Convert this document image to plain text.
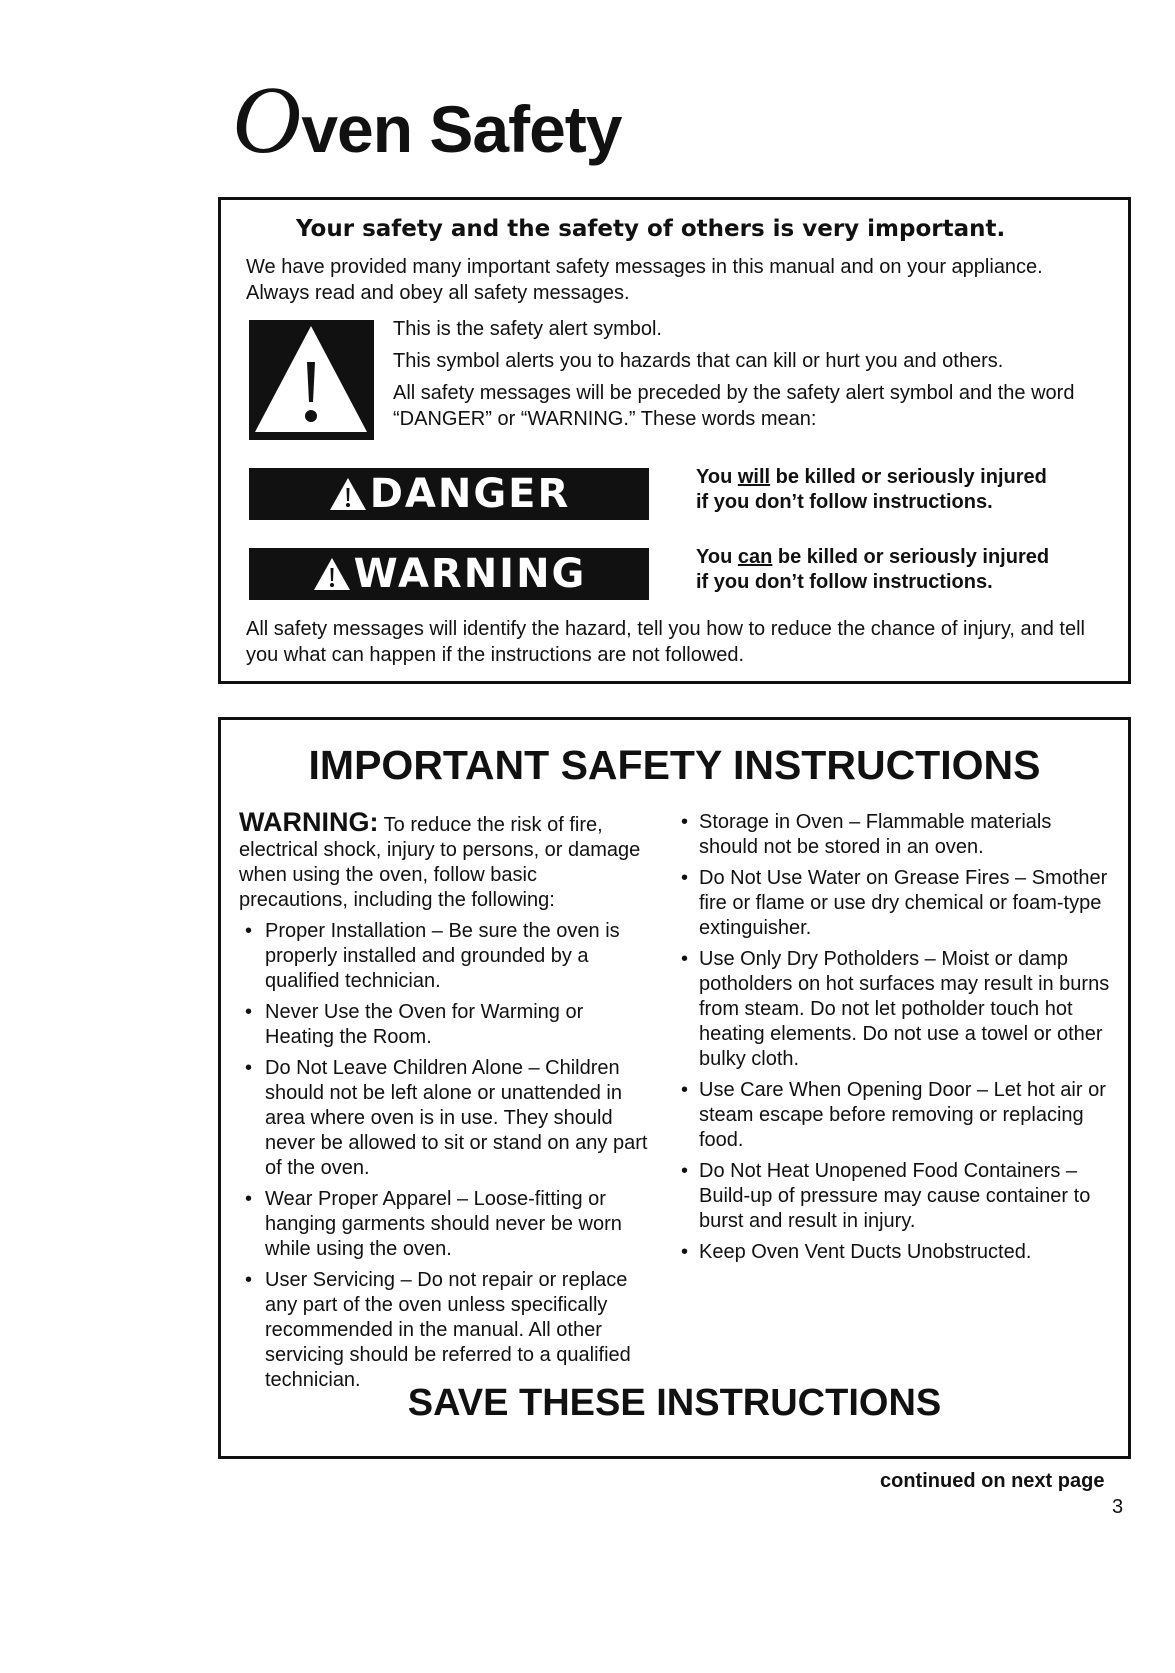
Oven Safety

Your safety and the safety of others is very important.

We have provided many important safety messages in this manual and on your appliance. Always read and obey all safety messages.

This is the safety alert symbol.

This symbol alerts you to hazards that can kill or hurt you and others.

All safety messages will be preceded by the safety alert symbol and the word “DANGER” or “WARNING.” These words mean:

DANGER	You will be killed or seriously injured
if you don’t follow instructions.
WARNING	You can be killed or seriously injured
if you don’t follow instructions.

All safety messages will identify the hazard, tell you how to reduce the chance of injury, and tell you what can happen if the instructions are not followed.

IMPORTANT SAFETY INSTRUCTIONS

WARNING: To reduce the risk of fire, electrical shock, injury to persons, or damage when using the oven, follow basic precautions, including the following:

• Proper Installation – Be sure the oven is properly installed and grounded by a qualified technician.

• Never Use the Oven for Warming or Heating the Room.

• Do Not Leave Children Alone – Children should not be left alone or unattended in area where oven is in use. They should never be allowed to sit or stand on any part of the oven.

• Wear Proper Apparel – Loose-fitting or hanging garments should never be worn while using the oven.

• User Servicing – Do not repair or replace any part of the oven unless specifically recommended in the manual. All other servicing should be referred to a qualified technician.

• Storage in Oven – Flammable materials should not be stored in an oven.

• Do Not Use Water on Grease Fires – Smother fire or flame or use dry chemical or foam-type extinguisher.

• Use Only Dry Potholders – Moist or damp potholders on hot surfaces may result in burns from steam. Do not let potholder touch hot heating elements. Do not use a towel or other bulky cloth.

• Use Care When Opening Door – Let hot air or steam escape before removing or replacing food.

• Do Not Heat Unopened Food Containers – Build-up of pressure may cause container to burst and result in injury.

• Keep Oven Vent Ducts Unobstructed.

SAVE THESE INSTRUCTIONS

continued on next page

3
